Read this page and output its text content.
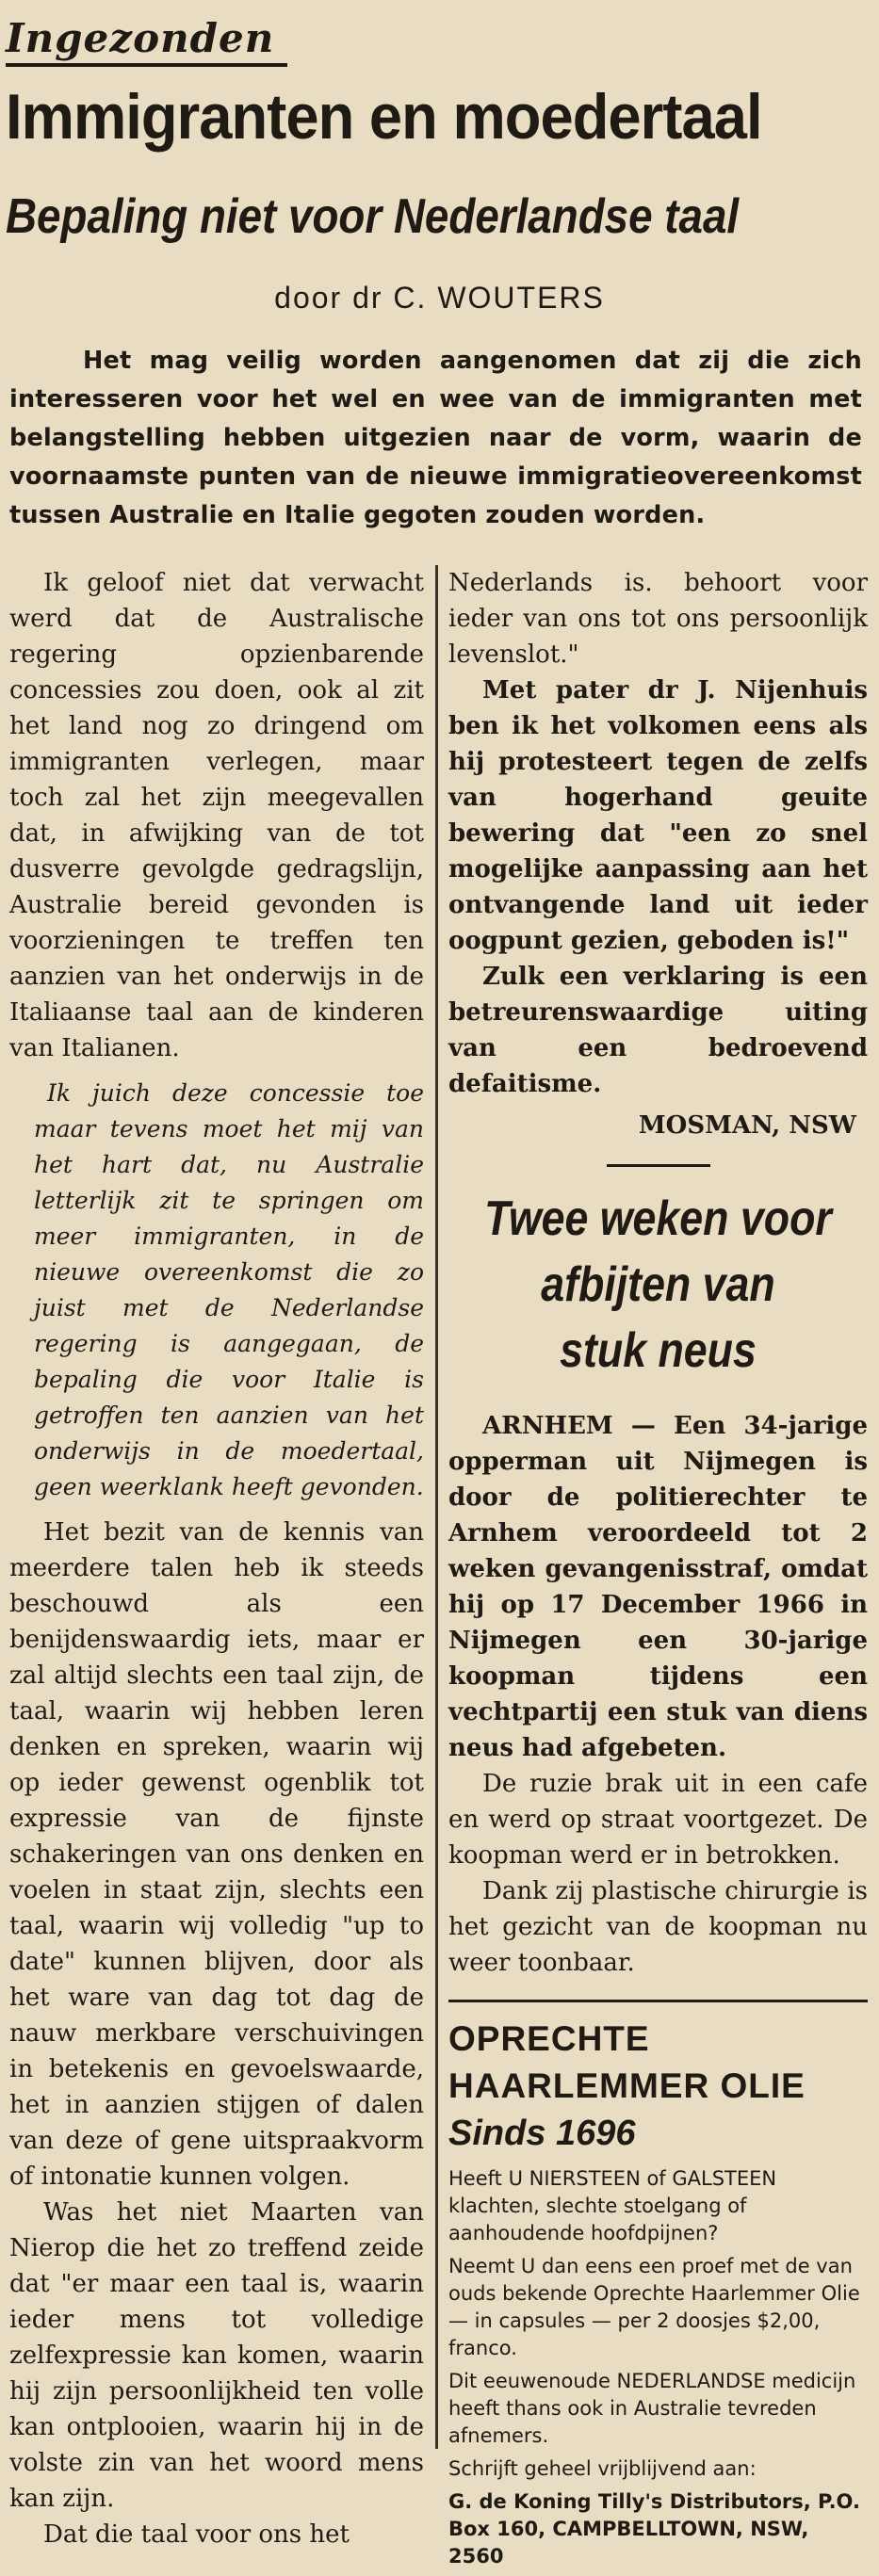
Ingezonden
Immigranten en moedertaal
Bepaling niet voor Nederlandse taal
door dr C. WOUTERS
Het mag veilig worden aangenomen dat zij die zich interesseren voor het wel en wee van de immigranten met belangstelling hebben uitgezien naar de vorm, waarin de voornaamste punten van de nieuwe immigratieovereenkomst tussen Australie en Italie gegoten zouden worden.

Ik geloof niet dat verwacht werd dat de Australische regering opzienbarende concessies zou doen, ook al zit het land nog zo dringend om immigranten verlegen, maar toch zal het zijn meegevallen dat, in afwijking van de tot dusverre gevolgde gedragslijn, Australie bereid gevonden is voorzieningen te treffen ten aanzien van het onderwijs in de Italiaanse taal aan de kinderen van Italianen.

Ik juich deze concessie toe maar tevens moet het mij van het hart dat, nu Australie letterlijk zit te springen om meer immigranten, in de nieuwe overeenkomst die zo juist met de Nederlandse regering is aangegaan, de bepaling die voor Italie is getroffen ten aanzien van het onderwijs in de moedertaal, geen weerklank heeft gevonden.

Het bezit van de kennis van meerdere talen heb ik steeds beschouwd als een benijdenswaardig iets, maar er zal altijd slechts een taal zijn, de taal, waarin wij hebben leren denken en spreken, waarin wij op ieder gewenst ogenblik tot expressie van de fijnste schakeringen van ons denken en voelen in staat zijn, slechts een taal, waarin wij volledig "up to date" kunnen blijven, door als het ware van dag tot dag de nauw merkbare verschuivingen in betekenis en gevoelswaarde, het in aanzien stijgen of dalen van deze of gene uitspraakvorm of intonatie kunnen volgen.

Was het niet Maarten van Nierop die het zo treffend zeide dat "er maar een taal is, waarin ieder mens tot volledige zelfexpressie kan komen, waarin hij zijn persoonlijkheid ten volle kan ontplooien, waarin hij in de volste zin van het woord mens kan zijn.

Dat die taal voor ons het

Nederlands is. behoort voor ieder van ons tot ons persoonlijk levenslot."

Met pater dr J. Nijenhuis ben ik het volkomen eens als hij protesteert tegen de zelfs van hogerhand geuite bewering dat "een zo snel mogelijke aanpassing aan het ontvangende land uit ieder oogpunt gezien, geboden is!"

Zulk een verklaring is een betreurenswaardige uiting van een bedroevend defaitisme.

MOSMAN, NSW

Twee weken voor
afbijten van
stuk neus

ARNHEM — Een 34-jarige opperman uit Nijmegen is door de politierechter te Arnhem veroordeeld tot 2 weken gevangenisstraf, omdat hij op 17 December 1966 in Nijmegen een 30-jarige koopman tijdens een vechtpartij een stuk van diens neus had afgebeten.

De ruzie brak uit in een cafe en werd op straat voortgezet. De koopman werd er in betrokken.

Dank zij plastische chirurgie is het gezicht van de koopman nu weer toonbaar.

OPRECHTE
HAARLEMMER OLIE
Sinds 1696

Heeft U NIERSTEEN of GALSTEEN klachten, slechte stoelgang of aanhoudende hoofdpijnen?

Neemt U dan eens een proef met de van ouds bekende Oprechte Haarlemmer Olie — in capsules — per 2 doosjes $2,00, franco.

Dit eeuwenoude NEDERLANDSE medicijn heeft thans ook in Australie tevreden afnemers.

Schrijft geheel vrijblijvend aan:

G. de Koning Tilly's Distributors, P.O. Box 160, CAMPBELLTOWN, NSW, 2560
